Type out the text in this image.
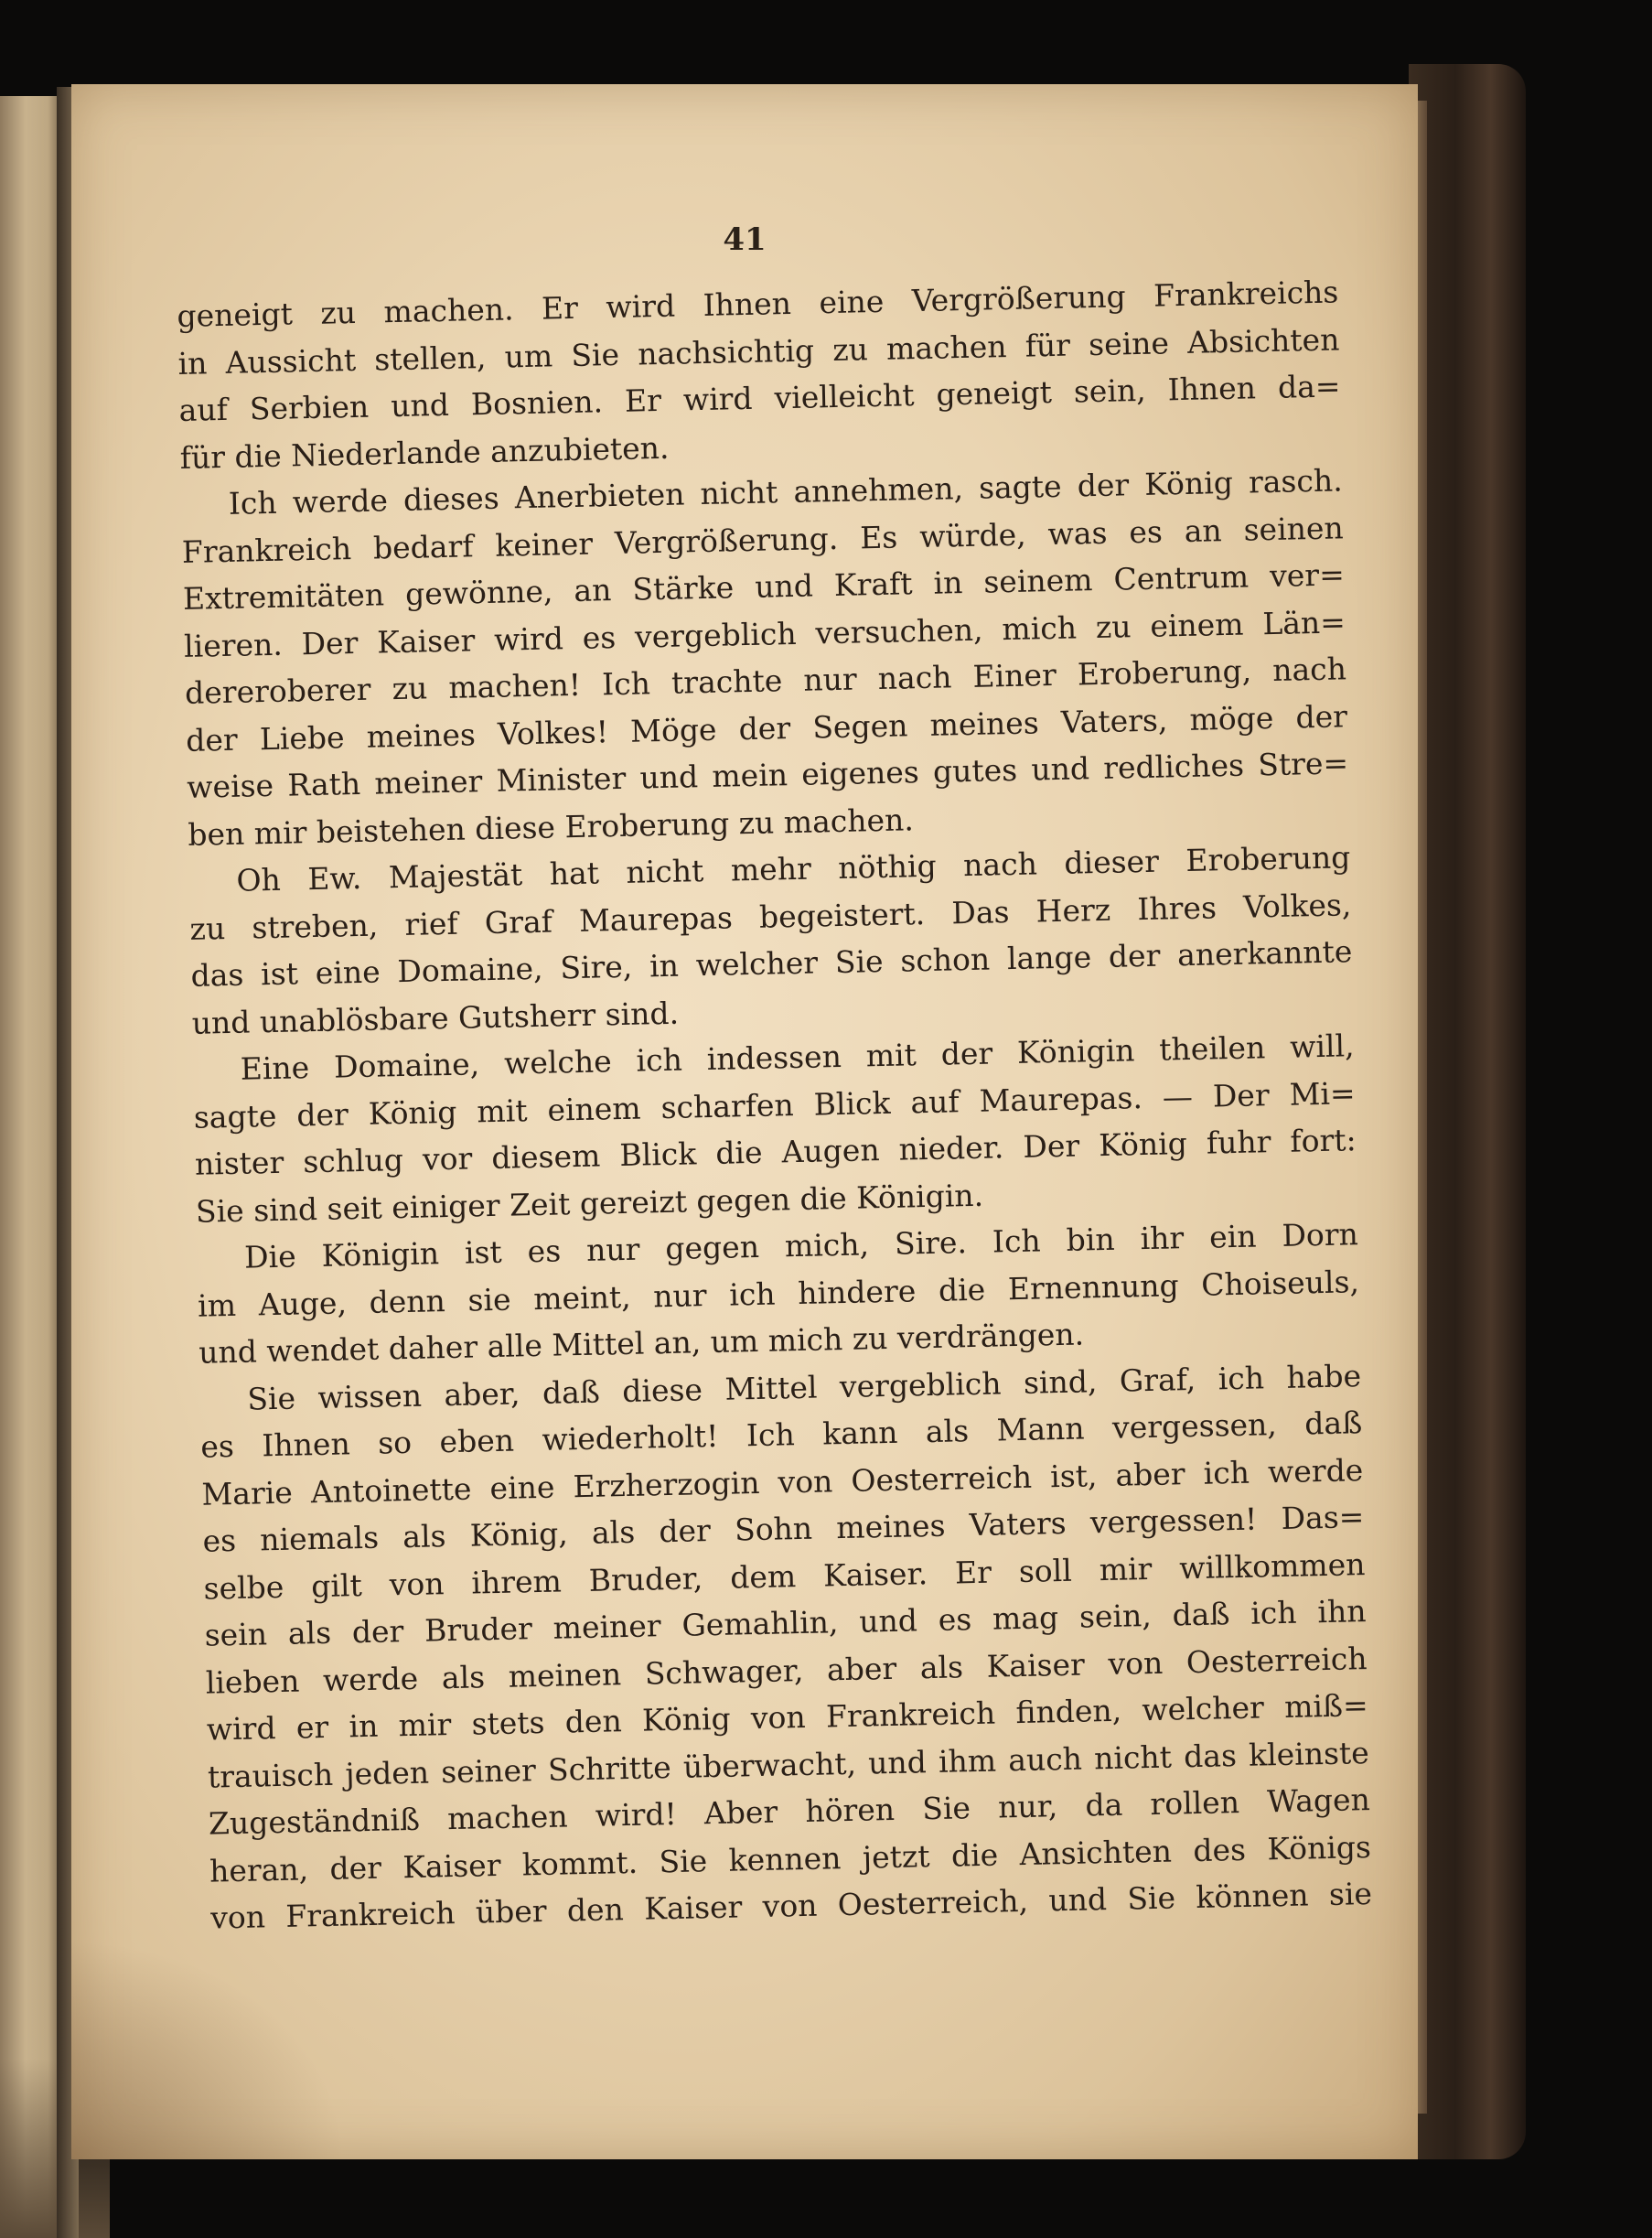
41
geneigt zu machen. Er wird Ihnen eine Vergrößerung Frankreichs
in Aussicht stellen, um Sie nachsichtig zu machen für seine Absichten
auf Serbien und Bosnien. Er wird vielleicht geneigt sein, Ihnen da=
für die Niederlande anzubieten.
Ich werde dieses Anerbieten nicht annehmen, sagte der König rasch.
Frankreich bedarf keiner Vergrößerung. Es würde, was es an seinen
Extremitäten gewönne, an Stärke und Kraft in seinem Centrum ver=
lieren. Der Kaiser wird es vergeblich versuchen, mich zu einem Län=
dereroberer zu machen! Ich trachte nur nach Einer Eroberung, nach
der Liebe meines Volkes! Möge der Segen meines Vaters, möge der
weise Rath meiner Minister und mein eigenes gutes und redliches Stre=
ben mir beistehen diese Eroberung zu machen.
Oh Ew. Majestät hat nicht mehr nöthig nach dieser Eroberung
zu streben, rief Graf Maurepas begeistert. Das Herz Ihres Volkes,
das ist eine Domaine, Sire, in welcher Sie schon lange der anerkannte
und unablösbare Gutsherr sind.
Eine Domaine, welche ich indessen mit der Königin theilen will,
sagte der König mit einem scharfen Blick auf Maurepas. — Der Mi=
nister schlug vor diesem Blick die Augen nieder. Der König fuhr fort:
Sie sind seit einiger Zeit gereizt gegen die Königin.
Die Königin ist es nur gegen mich, Sire. Ich bin ihr ein Dorn
im Auge, denn sie meint, nur ich hindere die Ernennung Choiseuls,
und wendet daher alle Mittel an, um mich zu verdrängen.
Sie wissen aber, daß diese Mittel vergeblich sind, Graf, ich habe
es Ihnen so eben wiederholt! Ich kann als Mann vergessen, daß
Marie Antoinette eine Erzherzogin von Oesterreich ist, aber ich werde
es niemals als König, als der Sohn meines Vaters vergessen! Das=
selbe gilt von ihrem Bruder, dem Kaiser. Er soll mir willkommen
sein als der Bruder meiner Gemahlin, und es mag sein, daß ich ihn
lieben werde als meinen Schwager, aber als Kaiser von Oesterreich
wird er in mir stets den König von Frankreich finden, welcher miß=
trauisch jeden seiner Schritte überwacht, und ihm auch nicht das kleinste
Zugeständniß machen wird! Aber hören Sie nur, da rollen Wagen
heran, der Kaiser kommt. Sie kennen jetzt die Ansichten des Königs
von Frankreich über den Kaiser von Oesterreich, und Sie können sie
